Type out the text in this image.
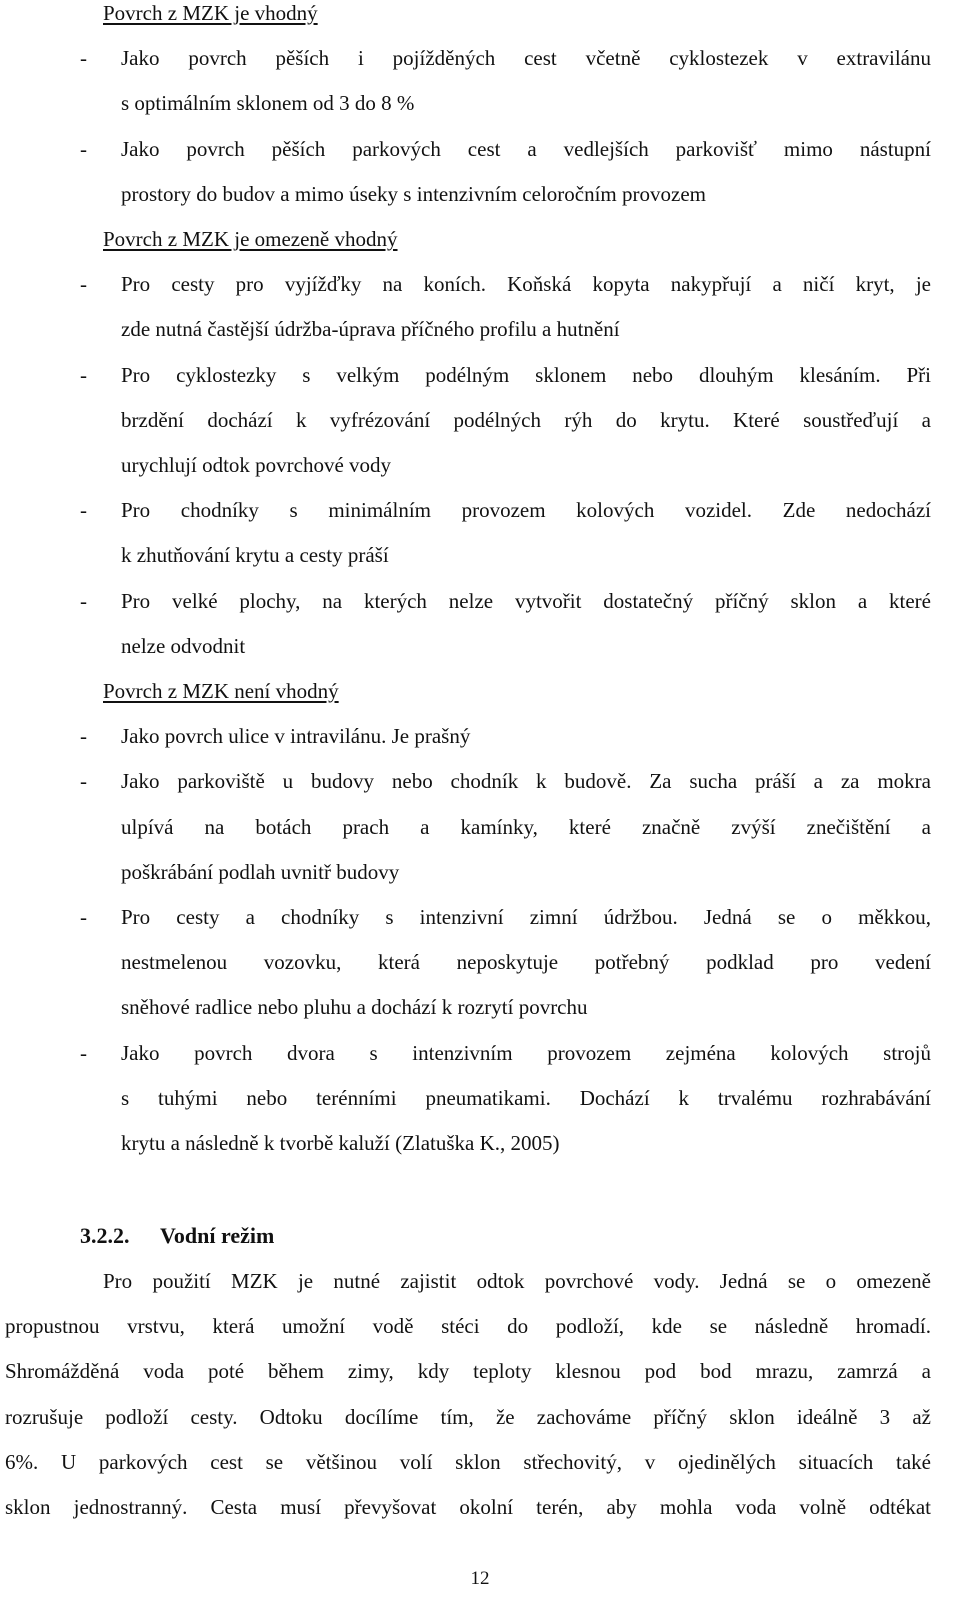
Povrch z MZK je vhodný
- Jako povrch pěších i pojížděných cest včetně cyklostezek v extravilánu
s optimálním sklonem od 3 do 8 %
- Jako povrch pěších parkových cest a vedlejších parkovišť mimo nástupní
prostory do budov a mimo úseky s intenzivním celoročním provozem
Povrch z MZK je omezeně vhodný
- Pro cesty pro vyjížďky na koních. Koňská kopyta nakypřují a ničí kryt, je
zde nutná častější údržba-úprava příčného profilu a hutnění
- Pro cyklostezky s velkým podélným sklonem nebo dlouhým klesáním. Při
brzdění dochází k vyfrézování podélných rýh do krytu. Které soustřeďují a
urychlují odtok povrchové vody
- Pro chodníky s minimálním provozem kolových vozidel. Zde nedochází
k zhutňování krytu a cesty práší
- Pro velké plochy, na kterých nelze vytvořit dostatečný příčný sklon a které
nelze odvodnit
Povrch z MZK není vhodný
- Jako povrch ulice v intravilánu. Je prašný
- Jako parkoviště u budovy nebo chodník k budově. Za sucha práší a za mokra
ulpívá na botách prach a kamínky, které značně zvýší znečištění a
poškrábání podlah uvnitř budovy
- Pro cesty a chodníky s intenzivní zimní údržbou. Jedná se o měkkou,
nestmelenou vozovku, která neposkytuje potřebný podklad pro vedení
sněhové radlice nebo pluhu a dochází k rozrytí povrchu
- Jako povrch dvora s intenzivním provozem zejména kolových strojů
s tuhými nebo terénními pneumatikami. Dochází k trvalému rozhrabávání
krytu a následně k tvorbě kaluží (Zlatuška K., 2005)
3.2.2. Vodní režim
Pro použití MZK je nutné zajistit odtok povrchové vody. Jedná se o omezeně
propustnou vrstvu, která umožní vodě stéci do podloží, kde se následně hromadí.
Shromážděná voda poté během zimy, kdy teploty klesnou pod bod mrazu, zamrzá a
rozrušuje podloží cesty. Odtoku docílíme tím, že zachováme příčný sklon ideálně 3 až
6%. U parkových cest se většinou volí sklon střechovitý, v ojedinělých situacích také
sklon jednostranný. Cesta musí převyšovat okolní terén, aby mohla voda volně odtékat
12
